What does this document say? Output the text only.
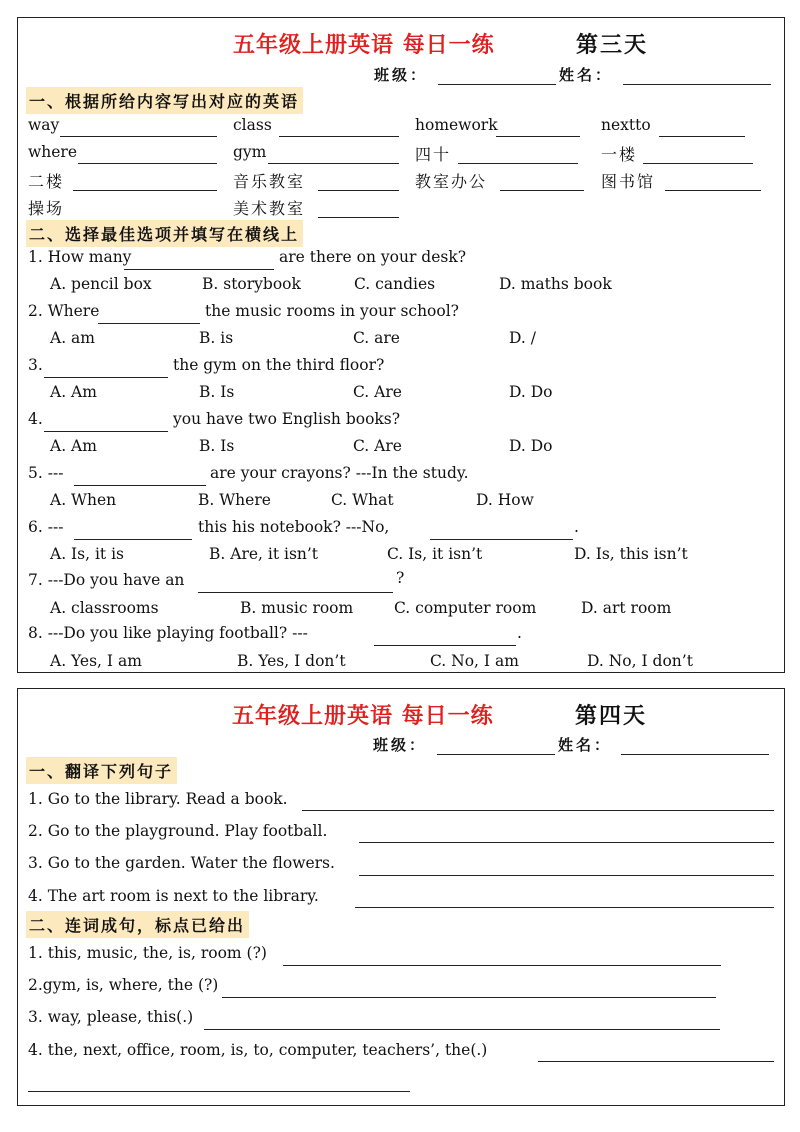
五年级上册英语 每日一练	第三天
班级：	姓名：
一、根据所给内容写出对应的英语
way	class	homework	nextto
where	gym	四十	一楼
二楼	音乐教室	教室办公	图书馆
操场	美术教室
二、选择最佳选项并填写在横线上
1. How many	are there on your desk?
A. pencil box	B. storybook	C. candies	D. maths book
2. Where	the music rooms in your school?
A. am	B. is	C. are	D. /
3.	the gym on the third floor?
A. Am	B. Is	C. Are	D. Do
4.	you have two English books?
A. Am	B. Is	C. Are	D. Do
5. ---	are your crayons? ---In the study.
A. When	B. Where	C. What	D. How
6. ---	this his notebook? ---No,	.
A. Is, it is	B. Are, it isn’t	C. Is, it isn’t	D. Is, this isn’t
7. ---Do you have an	?
A. classrooms	B. music room	C. computer room	D. art room
8. ---Do you like playing football? ---	.
A. Yes, I am	B. Yes, I don’t	C. No, I am	D. No, I don’t
五年级上册英语 每日一练	第四天
班级：	姓名：
一、翻译下列句子
1. Go to the library. Read a book.
2. Go to the playground. Play football.
3. Go to the garden. Water the flowers.
4. The art room is next to the library.
二、连词成句，标点已给出
1. this, music, the, is, room (?)
2.gym, is, where, the (?)
3. way, please, this(.)
4. the, next, office, room, is, to, computer, teachers’, the(.)
